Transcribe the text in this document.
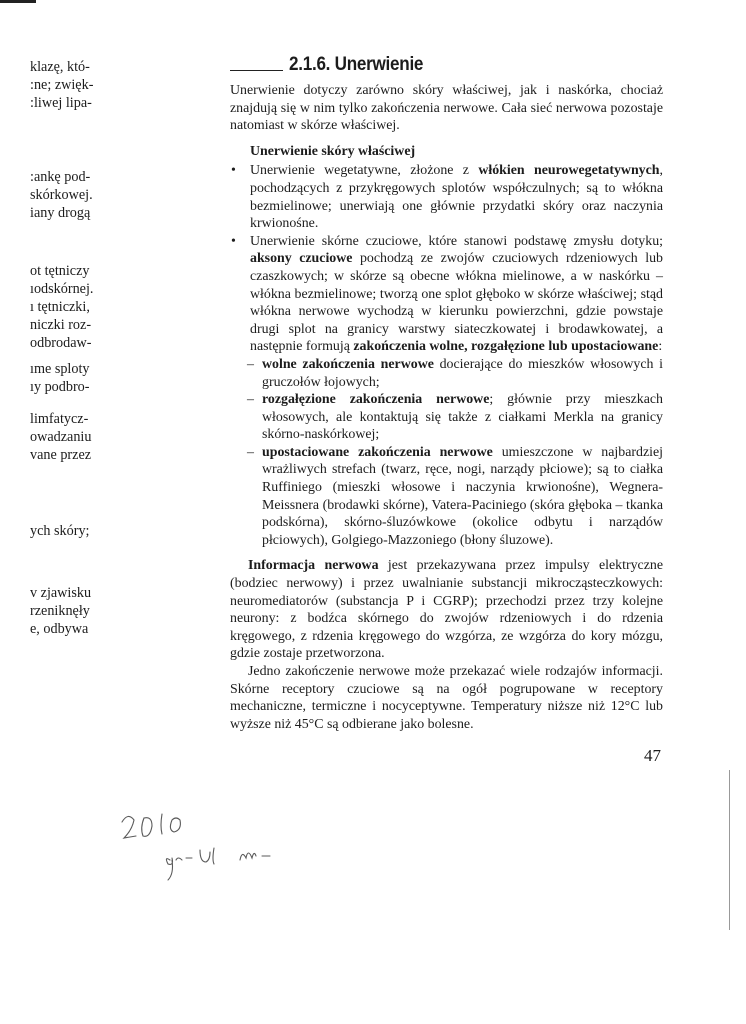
klazę, któ-
:ne; zwięk-
:liwej lipa-
:ankę pod-
skórkowej.
iany drogą
ot tętniczy
ıodskórnej.
ı tętniczki,
niczki roz-
odbrodaw-
ıme sploty
ıy podbro-
limfatycz-
owadzaniu
vane przez
ych skóry;
v zjawisku
rzeniknęły
e, odbywa
2.1.6. Unerwienie

Unerwienie dotyczy zarówno skóry właściwej, jak i naskórka, chociaż znajdują się w nim tylko zakończenia nerwowe. Cała sieć nerwowa pozostaje natomiast w skórze właściwej.

Unerwienie skóry właściwej

• Unerwienie wegetatywne, złożone z włókien neurowegetatywnych, pochodzących z przykręgowych splotów współczulnych; są to włókna bezmielinowe; unerwiają one głównie przydatki skóry oraz naczynia krwionośne.
• Unerwienie skórne czuciowe, które stanowi podstawę zmysłu dotyku; aksony czuciowe pochodzą ze zwojów czuciowych rdzeniowych lub czaszkowych; w skórze są obecne włókna mielinowe, a w naskórku – włókna bezmielinowe; tworzą one splot głęboko w skórze właściwej; stąd włókna nerwowe wychodzą w kierunku powierzchni, gdzie powstaje drugi splot na granicy warstwy siateczkowatej i brodawkowatej, a następnie formują zakończenia wolne, rozgałęzione lub upostaciowane:
– wolne zakończenia nerwowe docierające do mieszków włosowych i gruczołów łojowych;
– rozgałęzione zakończenia nerwowe; głównie przy mieszkach włosowych, ale kontaktują się także z ciałkami Merkla na granicy skórno-naskórkowej;
– upostaciowane zakończenia nerwowe umieszczone w najbardziej wrażliwych strefach (twarz, ręce, nogi, narządy płciowe); są to ciałka Ruffiniego (mieszki włosowe i naczynia krwionośne), Wegnera-Meissnera (brodawki skórne), Vatera-Paciniego (skóra głęboka – tkanka podskórna), skórno-śluzówkowe (okolice odbytu i narządów płciowych), Golgiego-Mazzoniego (błony śluzowe).

Informacja nerwowa jest przekazywana przez impulsy elektryczne (bodziec nerwowy) i przez uwalnianie substancji mikrocząsteczkowych: neuromediatorów (substancja P i CGRP); przechodzi przez trzy kolejne neurony: z bodźca skórnego do zwojów rdzeniowych i do rdzenia kręgowego, z rdzenia kręgowego do wzgórza, ze wzgórza do kory mózgu, gdzie zostaje przetworzona.

Jedno zakończenie nerwowe może przekazać wiele rodzajów informacji. Skórne receptory czuciowe są na ogół pogrupowane w receptory mechaniczne, termiczne i nocyceptywne. Temperatury niższe niż 12°C lub wyższe niż 45°C są odbierane jako bolesne.

47
